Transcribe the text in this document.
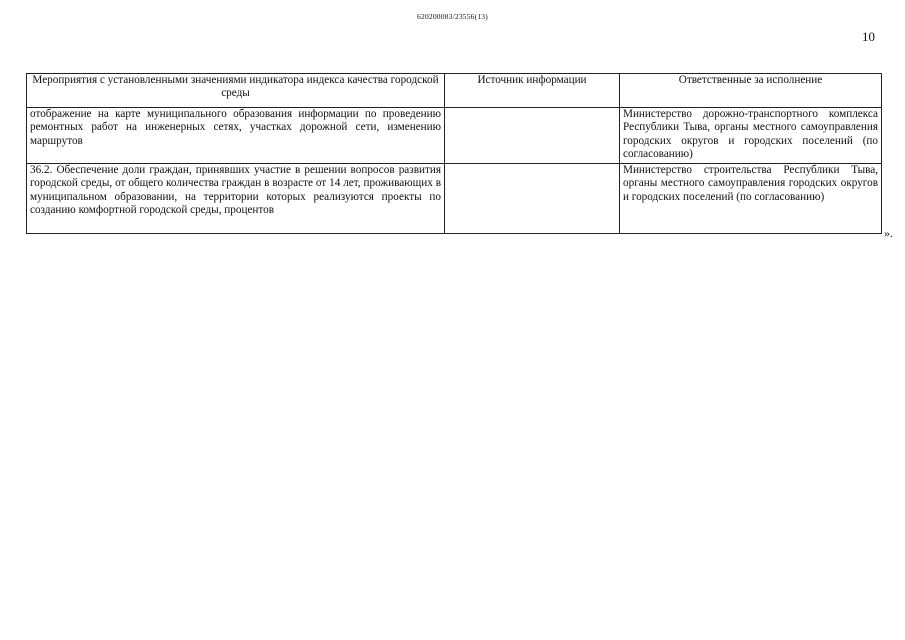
620200083/23556(13)
10
Мероприятия с установленными значениями индикатора индекса качества городской среды	Источник информации	Ответственные за исполнение
отображение на карте муниципального образования информации по проведению ремонтных работ на инженерных сетях, участках дорожной сети, изменению маршрутов		Министерство дорожно-транспортного комплекса Республики Тыва, органы местного самоуправления городских округов и городских поселений (по согласованию)
36.2. Обеспечение доли граждан, принявших участие в решении вопросов развития городской среды, от общего количества граждан в возрасте от 14 лет, проживающих в муниципальном образовании, на территории которых реализуются проекты по созданию комфортной городской среды, процентов		Министерство строительства Республики Тыва, органы местного самоуправления городских округов и городских поселений (по согласованию)
».
